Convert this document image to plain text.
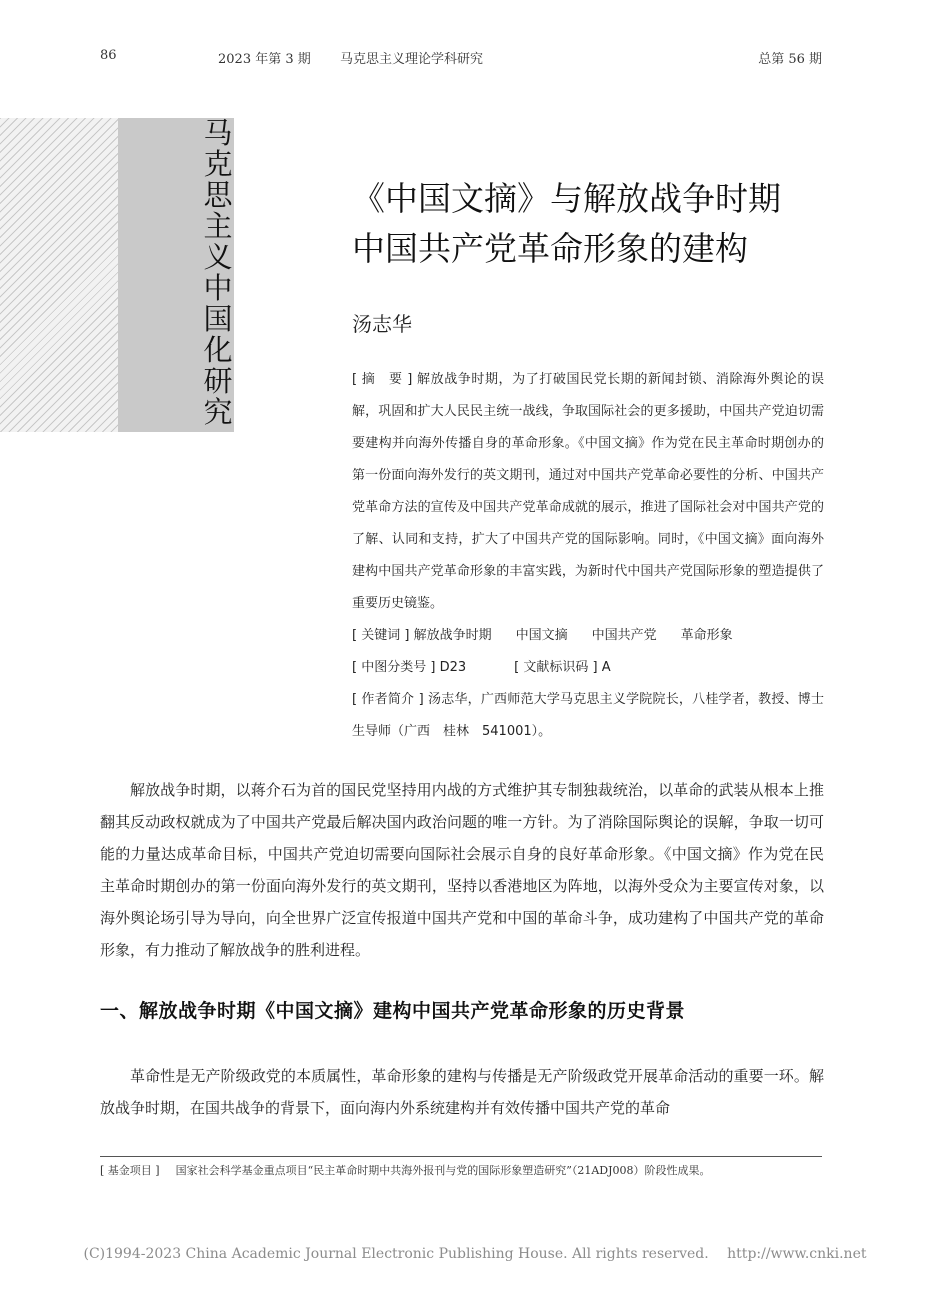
86	2023 年第 3 期 马克思主义理论学科研究	总第 56 期
马
克
思
主
义
中
国
化
研
究
《中国文摘》与解放战争时期
中国共产党革命形象的建构
汤志华

[ 摘　要 ] 解放战争时期，为了打破国民党长期的新闻封锁、消除海外舆论的误解，巩固和扩大人民民主统一战线，争取国际社会的更多援助，中国共产党迫切需要建构并向海外传播自身的革命形象。《中国文摘》作为党在民主革命时期创办的第一份面向海外发行的英文期刊，通过对中国共产党革命必要性的分析、中国共产党革命方法的宣传及中国共产党革命成就的展示，推进了国际社会对中国共产党的了解、认同和支持，扩大了中国共产党的国际影响。同时，《中国文摘》面向海外建构中国共产党革命形象的丰富实践，为新时代中国共产党国际形象的塑造提供了重要历史镜鉴。

[ 关键词 ] 解放战争时期 中国文摘 中国共产党 革命形象
[ 中图分类号 ] D23	[ 文献标识码 ] A

[ 作者简介 ] 汤志华，广西师范大学马克思主义学院院长，八桂学者，教授、博士生导师（广西　桂林　541001）。

解放战争时期，以蒋介石为首的国民党坚持用内战的方式维护其专制独裁统治，以革命的武装从根本上推翻其反动政权就成为了中国共产党最后解决国内政治问题的唯一方针。为了消除国际舆论的误解，争取一切可能的力量达成革命目标，中国共产党迫切需要向国际社会展示自身的良好革命形象。《中国文摘》作为党在民主革命时期创办的第一份面向海外发行的英文期刊，坚持以香港地区为阵地，以海外受众为主要宣传对象，以海外舆论场引导为导向，向全世界广泛宣传报道中国共产党和中国的革命斗争，成功建构了中国共产党的革命形象，有力推动了解放战争的胜利进程。

一、解放战争时期《中国文摘》建构中国共产党革命形象的历史背景

革命性是无产阶级政党的本质属性，革命形象的建构与传播是无产阶级政党开展革命活动的重要一环。解放战争时期，在国共战争的背景下，面向海内外系统建构并有效传播中国共产党的革命

[ 基金项目 ] 国家社会科学基金重点项目“民主革命时期中共海外报刊与党的国际形象塑造研究”（21ADJ008）阶段性成果。
(C)1994-2023 China Academic Journal Electronic Publishing House. All rights reserved.　 http://www.cnki.net
